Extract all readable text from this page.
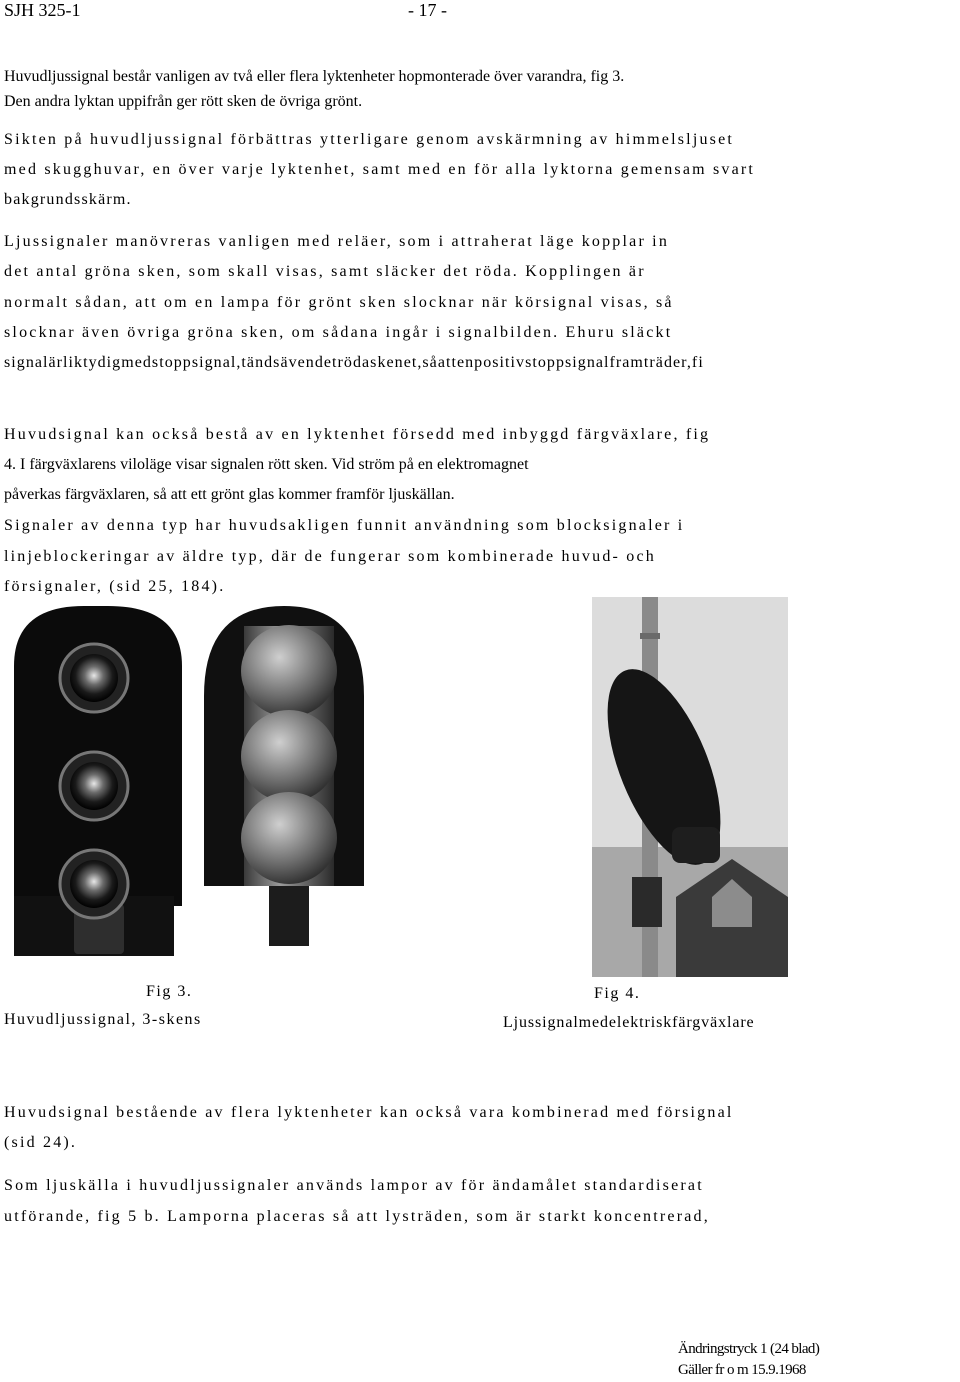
SJH 325-1	- 17 -
Huvudljussignal består vanligen av två eller flera lyktenheter hopmonterade över varandra, fig 3.
Den andra lyktan uppifrån ger rött sken de övriga grönt.
Sikten på huvudljussignal förbättras ytterligare genom avskärmning av himmelsljuset
med skugghuvar, en över varje lyktenhet, samt med en för alla lyktorna gemensam svart
bakgrundsskärm.
Ljussignaler manövreras vanligen med reläer, som i attraherat läge kopplar in
det antal gröna sken, som skall visas, samt släcker det röda. Kopplingen är
normalt sådan, att om en lampa för grönt sken slocknar när körsignal visas, så
slocknar även övriga gröna sken, om sådana ingår i signalbilden. Ehuru släckt
signalärliktydigmedstoppsignal,tändsävendetrödaskenet,såattenpositivstoppsignalframträder,fi
Huvudsignal kan också bestå av en lyktenhet försedd med inbyggd färgväxlare, fig
4. I färgväxlarens viloläge visar signalen rött sken. Vid ström på en elektromagnet
påverkas färgväxlaren, så att ett grönt glas kommer framför ljuskällan.
Signaler av denna typ har huvudsakligen funnit användning som blocksignaler i
linjeblockeringar av äldre typ, där de fungerar som kombinerade huvud- och
försignaler, (sid 25, 184).
Fig 3.
Huvudljussignal, 3-skens
Fig 4.
Ljussignalmedelektriskfärgväxlare
Huvudsignal bestående av flera lyktenheter kan också vara kombinerad med försignal
(sid 24).
Som ljuskälla i huvudljussignaler används lampor av för ändamålet standardiserat
utförande, fig 5 b. Lamporna placeras så att lysträden, som är starkt koncentrerad,
Ändringstryck 1 (24 blad)
Gäller fr o m 15.9.1968
